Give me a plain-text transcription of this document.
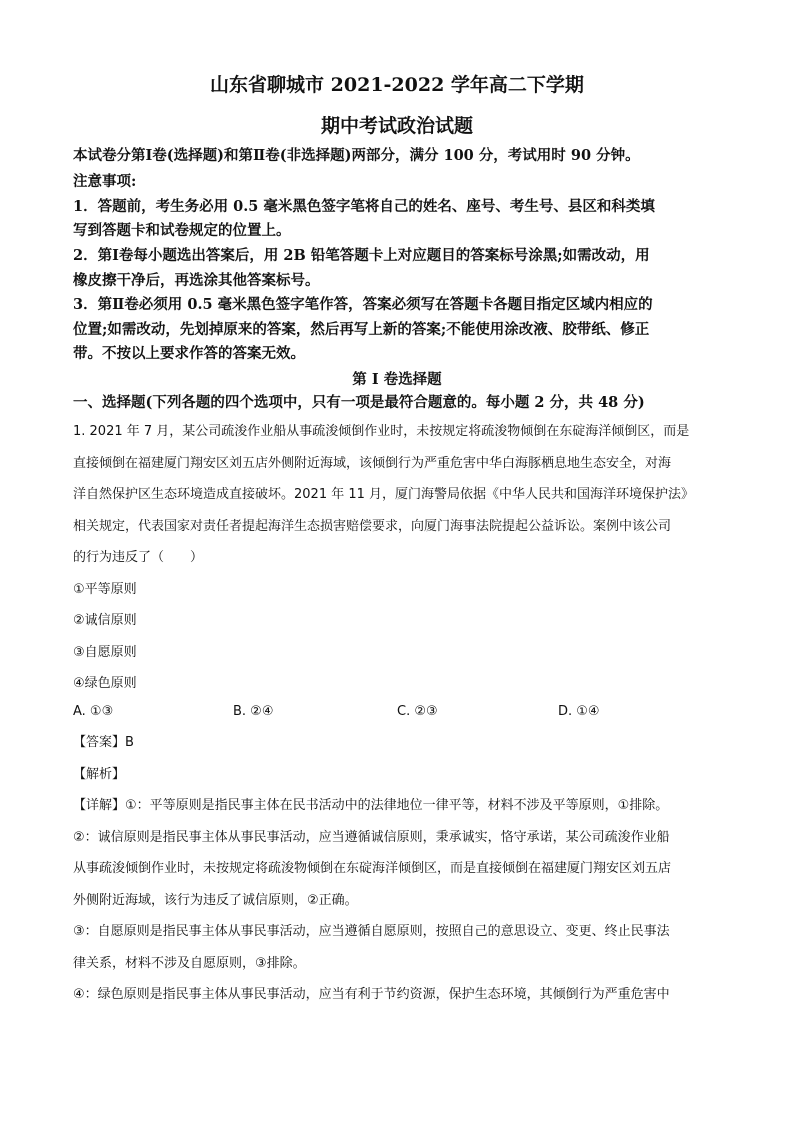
山东省聊城市 2021-2022 学年高二下学期
期中考试政治试题
本试卷分第Ⅰ卷(选择题)和第Ⅱ卷(非选择题)两部分，满分 100 分，考试用时 90 分钟。
注意事项:
1．答题前，考生务必用 0.5 毫米黑色签字笔将自己的姓名、座号、考生号、县区和科类填
写到答题卡和试卷规定的位置上。
2．第Ⅰ卷每小题选出答案后，用 2B 铅笔答题卡上对应题目的答案标号涂黑;如需改动，用
橡皮擦干净后，再选涂其他答案标号。
3．第Ⅱ卷必须用 0.5 毫米黑色签字笔作答，答案必须写在答题卡各题目指定区域内相应的
位置;如需改动，先划掉原来的答案，然后再写上新的答案;不能使用涂改液、胶带纸、修正
带。不按以上要求作答的答案无效。
第 Ⅰ 卷选择题
一、选择题(下列各题的四个选项中，只有一项是最符合题意的。每小题 2 分，共 48 分)
1. 2021 年 7 月，某公司疏浚作业船从事疏浚倾倒作业时，未按规定将疏浚物倾倒在东碇海洋倾倒区，而是
直接倾倒在福建厦门翔安区刘五店外侧附近海域，该倾倒行为严重危害中华白海豚栖息地生态安全，对海
洋自然保护区生态环境造成直接破坏。2021 年 11 月，厦门海警局依据《中华人民共和国海洋环境保护法》
相关规定，代表国家对责任者提起海洋生态损害赔偿要求，向厦门海事法院提起公益诉讼。案例中该公司
的行为违反了（　　）
①平等原则
②诚信原则
③自愿原则
④绿色原则
A. ①③	B. ②④	C. ②③	D. ①④
【答案】B
【解析】
【详解】①：平等原则是指民事主体在民书活动中的法律地位一律平等，材料不涉及平等原则，①排除。
②：诚信原则是指民事主体从事民事活动，应当遵循诚信原则，秉承诚实，恪守承诺，某公司疏浚作业船
从事疏浚倾倒作业时，未按规定将疏浚物倾倒在东碇海洋倾倒区，而是直接倾倒在福建厦门翔安区刘五店
外侧附近海域，该行为违反了诚信原则，②正确。
③：自愿原则是指民事主体从事民事活动，应当遵循自愿原则，按照自己的意思设立、变更、终止民事法
律关系，材料不涉及自愿原则，③排除。
④：绿色原则是指民事主体从事民事活动，应当有利于节约资源，保护生态环境，其倾倒行为严重危害中
